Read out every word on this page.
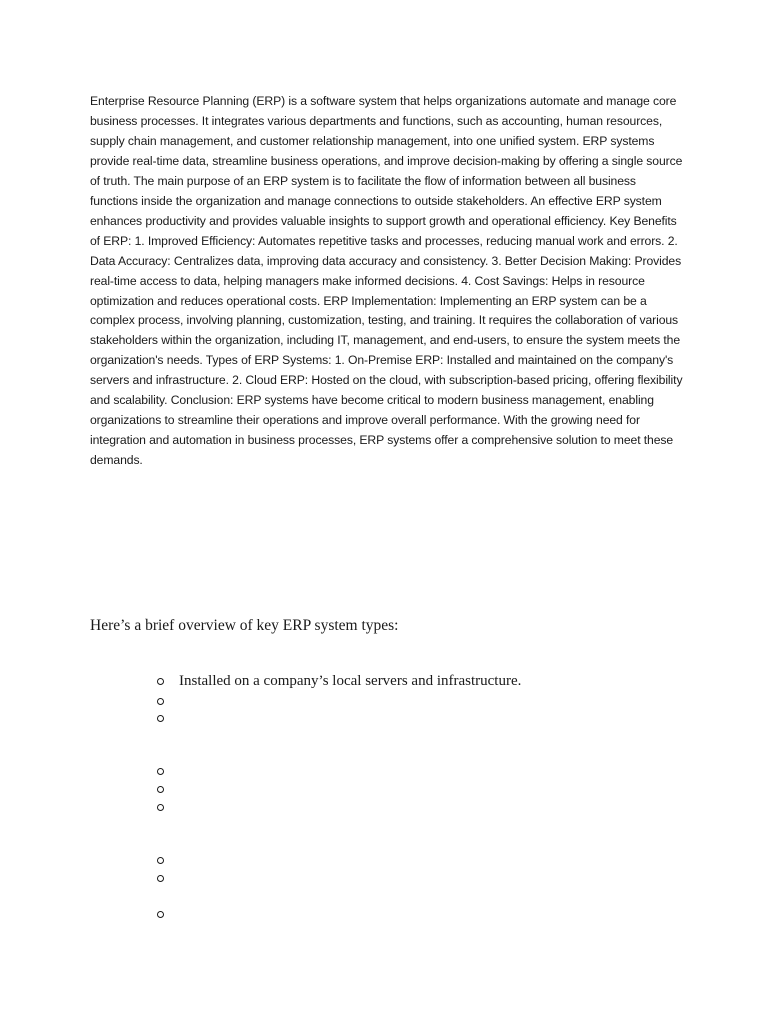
Enterprise Resource Planning (ERP) is a software system that helps organizations automate and manage core business processes. It integrates various departments and functions, such as accounting, human resources, supply chain management, and customer relationship management, into one unified system. ERP systems provide real-time data, streamline business operations, and improve decision-making by offering a single source of truth. The main purpose of an ERP system is to facilitate the flow of information between all business functions inside the organization and manage connections to outside stakeholders. An effective ERP system enhances productivity and provides valuable insights to support growth and operational efficiency. Key Benefits of ERP: 1. Improved Efficiency: Automates repetitive tasks and processes, reducing manual work and errors. 2. Data Accuracy: Centralizes data, improving data accuracy and consistency. 3. Better Decision Making: Provides real-time access to data, helping managers make informed decisions. 4. Cost Savings: Helps in resource optimization and reduces operational costs. ERP Implementation: Implementing an ERP system can be a complex process, involving planning, customization, testing, and training. It requires the collaboration of various stakeholders within the organization, including IT, management, and end-users, to ensure the system meets the organization's needs. Types of ERP Systems: 1. On-Premise ERP: Installed and maintained on the company's servers and infrastructure. 2. Cloud ERP: Hosted on the cloud, with subscription-based pricing, offering flexibility and scalability. Conclusion: ERP systems have become critical to modern business management, enabling organizations to streamline their operations and improve overall performance. With the growing need for integration and automation in business processes, ERP systems offer a comprehensive solution to meet these demands.

Here’s a brief overview of key ERP system types:

Installed on a company’s local servers and infrastructure.
